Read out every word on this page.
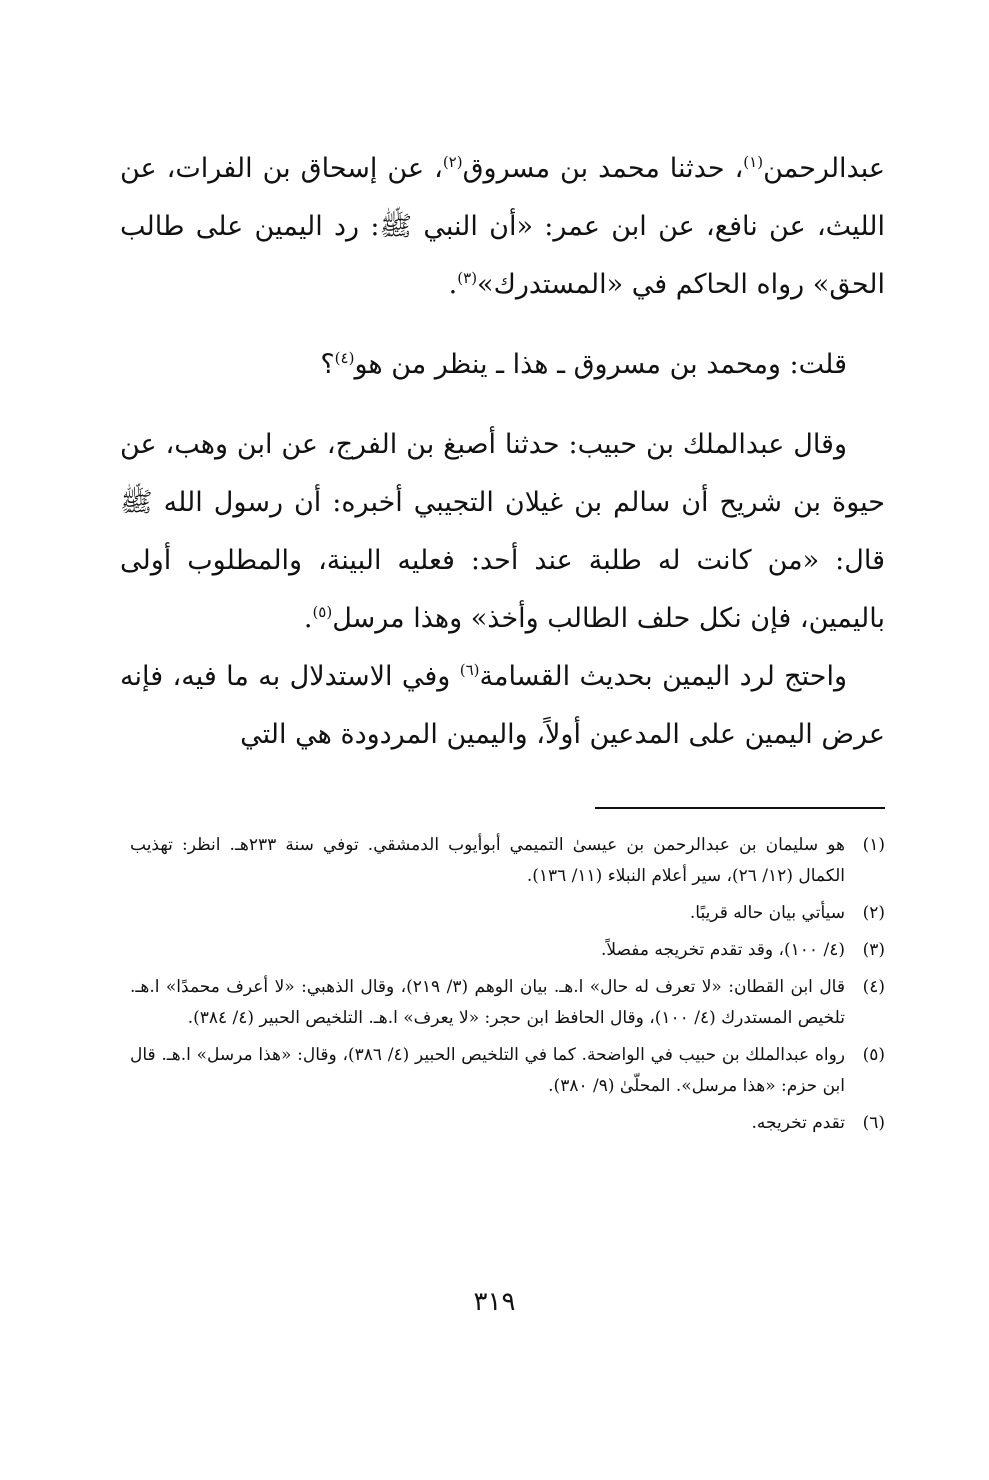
عبدالرحمن$^{(١)}$، حدثنا محمد بن مسروق$^{(٢)}$، عن إسحاق بن الفرات، عن الليث، عن نافع، عن ابن عمر: «أن النبي ﷺ: رد اليمين على طالب الحق» رواه الحاكم في «المستدرك»$^{(٣)}$.

قلت: ومحمد بن مسروق ـ هذا ـ ينظر من هو$^{(٤)}$؟

وقال عبدالملك بن حبيب: حدثنا أصبغ بن الفرج، عن ابن وهب، عن حيوة بن شريح أن سالم بن غيلان التجيبي أخبره: أن رسول الله ﷺ قال: «من كانت له طلبة عند أحد: فعليه البينة، والمطلوب أولى باليمين، فإن نكل حلف الطالب وأخذ» وهذا مرسل$^{(٥)}$.

واحتج لرد اليمين بحديث القسامة$^{(٦)}$ وفي الاستدلال به ما فيه، فإنه عرض اليمين على المدعين أولاً، واليمين المردودة هي التي

(١)
هو سليمان بن عبدالرحمن بن عيسىٰ التميمي أبوأيوب الدمشقي. توفي سنة ٢٣٣هـ. انظر: تهذيب الكمال (١٢/ ٢٦)، سير أعلام النبلاء (١١/ ١٣٦).
(٢)
سيأتي بيان حاله قريبًا.
(٣)
(٤/ ١٠٠)، وقد تقدم تخريجه مفصلاً.
(٤)
قال ابن القطان: «لا تعرف له حال» ا.هـ. بيان الوهم (٣/ ٢١٩)، وقال الذهبي: «لا أعرف محمدًا» ا.هـ. تلخيص المستدرك (٤/ ١٠٠)، وقال الحافظ ابن حجر: «لا يعرف» ا.هـ. التلخيص الحبير (٤/ ٣٨٤).
(٥)
رواه عبدالملك بن حبيب في الواضحة. كما في التلخيص الحبير (٤/ ٣٨٦)، وقال: «هذا مرسل» ا.هـ. قال ابن حزم: «هذا مرسل». المحلّىٰ (٩/ ٣٨٠).
(٦)
تقدم تخريجه.
٣١٩
